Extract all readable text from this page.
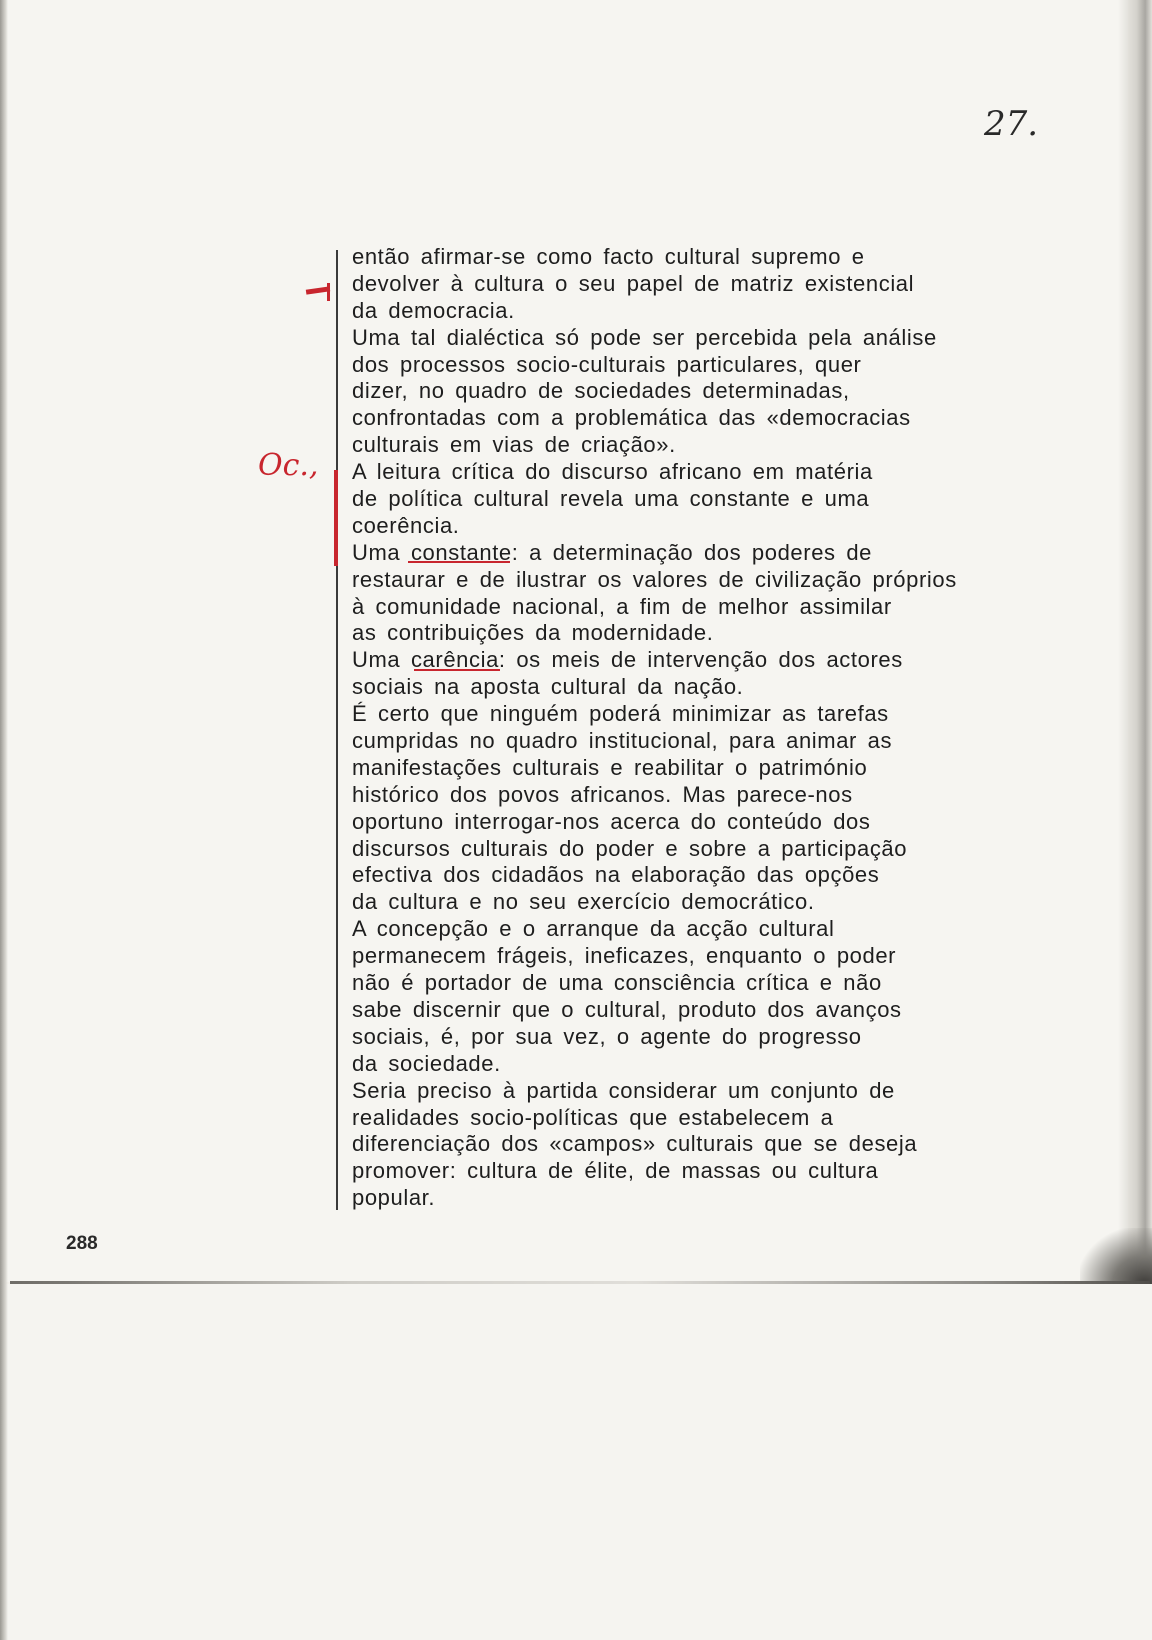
27.
Oc.,
então afirmar-se como facto cultural supremo e
devolver à cultura o seu papel de matriz existencial
da democracia.
Uma tal dialéctica só pode ser percebida pela análise
dos processos socio-culturais particulares, quer
dizer, no quadro de sociedades determinadas,
confrontadas com a problemática das «democracias
culturais em vias de criação».
A leitura crítica do discurso africano em matéria
de política cultural revela uma constante e uma
coerência.
Uma constante: a determinação dos poderes de
restaurar e de ilustrar os valores de civilização próprios
à comunidade nacional, a fim de melhor assimilar
as contribuições da modernidade.
Uma carência: os meis de intervenção dos actores
sociais na aposta cultural da nação.
É certo que ninguém poderá minimizar as tarefas
cumpridas no quadro institucional, para animar as
manifestações culturais e reabilitar o património
histórico dos povos africanos. Mas parece-nos
oportuno interrogar-nos acerca do conteúdo dos
discursos culturais do poder e sobre a participação
efectiva dos cidadãos na elaboração das opções
da cultura e no seu exercício democrático.
A concepção e o arranque da acção cultural
permanecem frágeis, ineficazes, enquanto o poder
não é portador de uma consciência crítica e não
sabe discernir que o cultural, produto dos avanços
sociais, é, por sua vez, o agente do progresso
da sociedade.
Seria preciso à partida considerar um conjunto de
realidades socio-políticas que estabelecem a
diferenciação dos «campos» culturais que se deseja
promover: cultura de élite, de massas ou cultura
popular.
288
